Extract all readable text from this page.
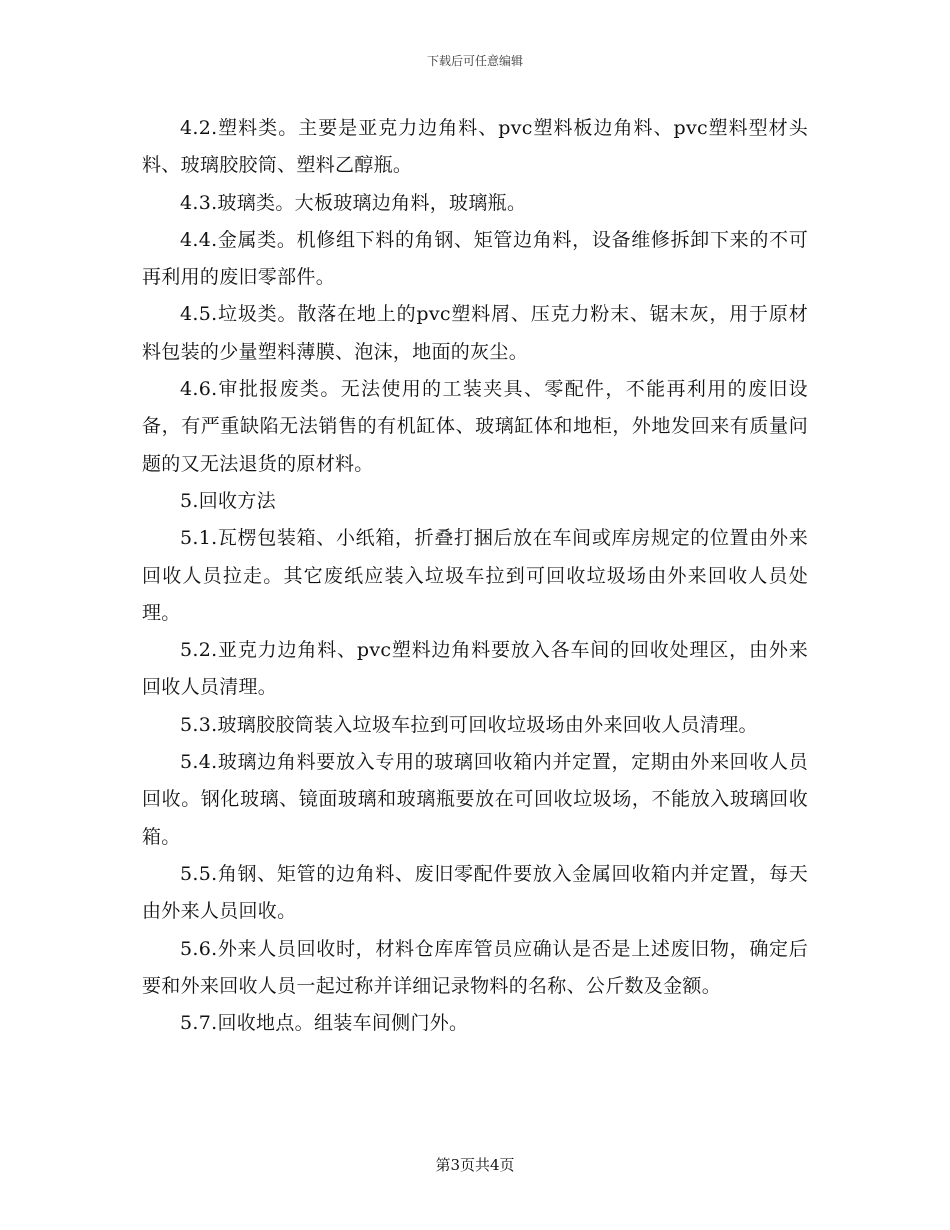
下载后可任意编辑

4.2.塑料类。主要是亚克力边角料、pvc塑料板边角料、pvc塑料型材头料、玻璃胶胶筒、塑料乙醇瓶。

4.3.玻璃类。大板玻璃边角料，玻璃瓶。

4.4.金属类。机修组下料的角钢、矩管边角料，设备维修拆卸下来的不可再利用的废旧零部件。

4.5.垃圾类。散落在地上的pvc塑料屑、压克力粉末、锯末灰，用于原材料包装的少量塑料薄膜、泡沫，地面的灰尘。

4.6.审批报废类。无法使用的工装夹具、零配件，不能再利用的废旧设备，有严重缺陷无法销售的有机缸体、玻璃缸体和地柜，外地发回来有质量问题的又无法退货的原材料。

5.回收方法

5.1.瓦楞包装箱、小纸箱，折叠打捆后放在车间或库房规定的位置由外来回收人员拉走。其它废纸应装入垃圾车拉到可回收垃圾场由外来回收人员处理。

5.2.亚克力边角料、pvc塑料边角料要放入各车间的回收处理区，由外来回收人员清理。

5.3.玻璃胶胶筒装入垃圾车拉到可回收垃圾场由外来回收人员清理。

5.4.玻璃边角料要放入专用的玻璃回收箱内并定置，定期由外来回收人员回收。钢化玻璃、镜面玻璃和玻璃瓶要放在可回收垃圾场，不能放入玻璃回收箱。

5.5.角钢、矩管的边角料、废旧零配件要放入金属回收箱内并定置，每天由外来人员回收。

5.6.外来人员回收时，材料仓库库管员应确认是否是上述废旧物，确定后要和外来回收人员一起过称并详细记录物料的名称、公斤数及金额。

5.7.回收地点。组装车间侧门外。

第3页共4页
